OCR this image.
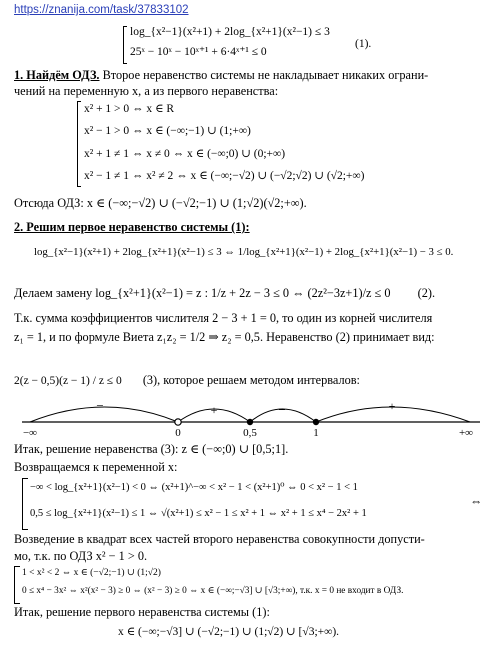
https://znanija.com/task/37833102
log_{x²−1}(x²+1) + 2log_{x²+1}(x²−1) ≤ 3
25ˣ − 10ˣ − 10ˣ⁺¹ + 6·4ˣ⁺¹ ≤ 0
(1).
1. Найдём ОДЗ. Второе неравенство системы не накладывает никаких ограни-
чений на переменную x, а из первого неравенства:
x² + 1 > 0 ⇔ x ∈ R
x² − 1 > 0 ⇔ x ∈ (−∞;−1) ∪ (1;+∞)
x² + 1 ≠ 1 ⇔ x ≠ 0 ⇔ x ∈ (−∞;0) ∪ (0;+∞)
x² − 1 ≠ 1 ⇔ x² ≠ 2 ⇔ x ∈ (−∞;−√2) ∪ (−√2;√2) ∪ (√2;+∞)
Отсюда ОДЗ: x ∈ (−∞;−√2) ∪ (−√2;−1) ∪ (1;√2)(√2;+∞).
2. Решим первое неравенство системы (1):
log_{x²−1}(x²+1) + 2log_{x²+1}(x²−1) ≤ 3 ⇔ 1/log_{x²+1}(x²−1) + 2log_{x²+1}(x²−1) − 3 ≤ 0.
Делаем замену log_{x²+1}(x²−1) = z : 1/z + 2z − 3 ≤ 0 ⇔ (2z²−3z+1)/z ≤ 0 (2).
Т.к. сумма коэффициентов числителя 2 − 3 + 1 = 0, то один из корней числителя
z₁ = 1, и по формуле Виета z₁z₂ = 1/2 ⇒ z₂ = 0,5. Неравенство (2) принимает вид:
2(z − 0,5)(z − 1) / z ≤ 0 (3), которое решаем методом интервалов:
−	+	−	+
−∞	0	0,5	1	+∞
Итак, решение неравенства (3): z ∈ (−∞;0) ∪ [0,5;1].
Возвращаемся к переменной x:
−∞ < log_{x²+1}(x²−1) < 0 ⇔ (x²+1)^−∞ < x² − 1 < (x²+1)⁰ ⇔ 0 < x² − 1 < 1
0,5 ≤ log_{x²+1}(x²−1) ≤ 1 ⇔ √(x²+1) ≤ x² − 1 ≤ x² + 1 ⇔ x² + 1 ≤ x⁴ − 2x² + 1
⇔
Возведение в квадрат всех частей второго неравенства совокупности допусти-
мо, т.к. по ОДЗ x² − 1 > 0.
1 < x² < 2 ⇔ x ∈ (−√2;−1) ∪ (1;√2)
0 ≤ x⁴ − 3x² ⇔ x²(x² − 3) ≥ 0 ⇔ (x² − 3) ≥ 0 ⇔ x ∈ (−∞;−√3] ∪ [√3;+∞), т.к. x = 0 не входит в ОДЗ.
Итак, решение первого неравенства системы (1):
x ∈ (−∞;−√3] ∪ (−√2;−1) ∪ (1;√2) ∪ [√3;+∞).
